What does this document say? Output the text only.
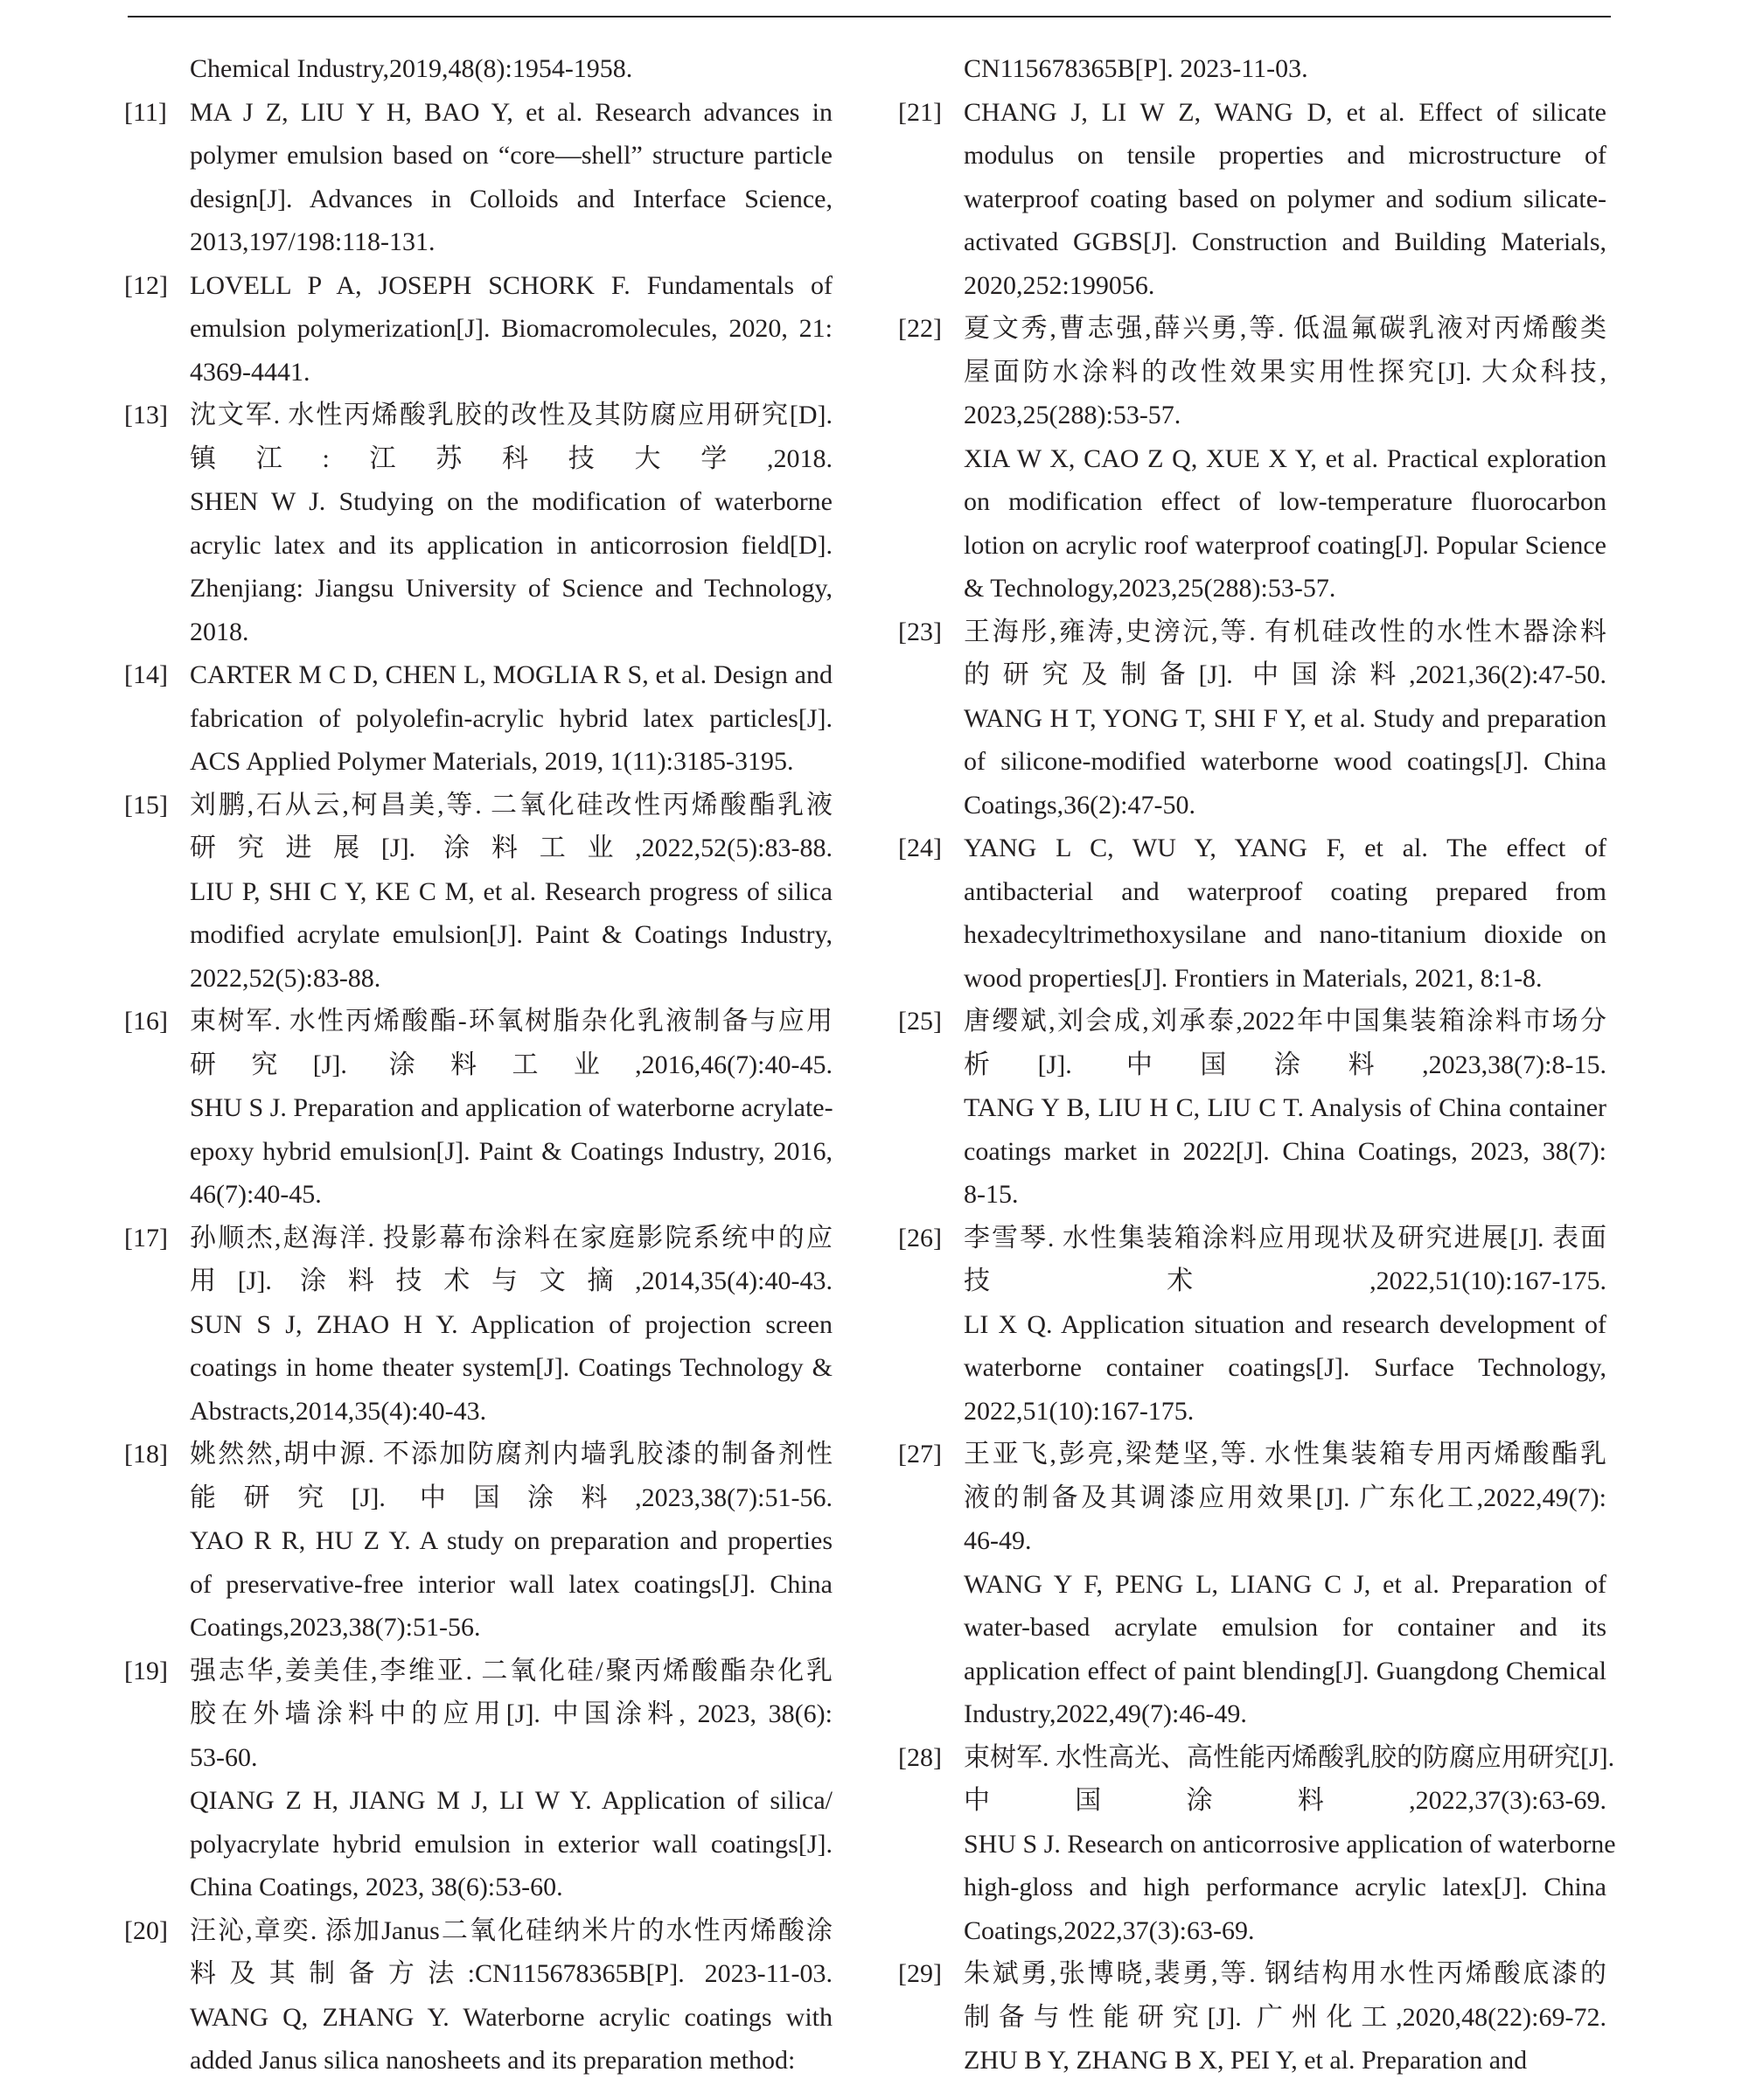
Chemical Industry,2019,48(8):1954-1958.
[11] MA J Z, LIU Y H, BAO Y, et al. Research advances in
polymer emulsion based on “core—shell” structure particle
design[J]. Advances in Colloids and Interface Science,
2013,197/198:118-131.
[12] LOVELL P A, JOSEPH SCHORK F. Fundamentals of
emulsion polymerization[J]. Biomacromolecules, 2020, 21:
4369-4441.
[13] 沈文军. 水性丙烯酸乳胶的改性及其防腐应用研究[D].
镇江:江苏科技大学,2018.
SHEN W J. Studying on the modification of waterborne
acrylic latex and its application in anticorrosion field[D].
Zhenjiang: Jiangsu University of Science and Technology,
2018.
[14] CARTER M C D, CHEN L, MOGLIA R S, et al. Design and
fabrication of polyolefin-acrylic hybrid latex particles[J].
ACS Applied Polymer Materials, 2019, 1(11):3185-3195.
[15] 刘鹏,石从云,柯昌美,等. 二氧化硅改性丙烯酸酯乳液
研究进展[J]. 涂料工业,2022,52(5):83-88.
LIU P, SHI C Y, KE C M, et al. Research progress of silica
modified acrylate emulsion[J]. Paint & Coatings Industry,
2022,52(5):83-88.
[16] 束树军. 水性丙烯酸酯-环氧树脂杂化乳液制备与应用
研究[J]. 涂料工业,2016,46(7):40-45.
SHU S J. Preparation and application of waterborne acrylate-
epoxy hybrid emulsion[J]. Paint & Coatings Industry, 2016,
46(7):40-45.
[17] 孙顺杰,赵海洋. 投影幕布涂料在家庭影院系统中的应
用[J]. 涂料技术与文摘,2014,35(4):40-43.
SUN S J, ZHAO H Y. Application of projection screen
coatings in home theater system[J]. Coatings Technology &
Abstracts,2014,35(4):40-43.
[18] 姚然然,胡中源. 不添加防腐剂内墙乳胶漆的制备剂性
能研究[J]. 中国涂料,2023,38(7):51-56.
YAO R R, HU Z Y. A study on preparation and properties
of preservative-free interior wall latex coatings[J]. China
Coatings,2023,38(7):51-56.
[19] 强志华,姜美佳,李维亚. 二氧化硅/聚丙烯酸酯杂化乳
胶在外墙涂料中的应用[J]. 中国涂料, 2023, 38(6):
53-60.
QIANG Z H, JIANG M J, LI W Y. Application of silica/
polyacrylate hybrid emulsion in exterior wall coatings[J].
China Coatings, 2023, 38(6):53-60.
[20] 汪沁,章奕. 添加Janus二氧化硅纳米片的水性丙烯酸涂
料及其制备方法:CN115678365B[P]. 2023-11-03.
WANG Q, ZHANG Y. Waterborne acrylic coatings with
added Janus silica nanosheets and its preparation method:
CN115678365B[P]. 2023-11-03.
[21] CHANG J, LI W Z, WANG D, et al. Effect of silicate
modulus on tensile properties and microstructure of
waterproof coating based on polymer and sodium silicate-
activated GGBS[J]. Construction and Building Materials,
2020,252:199056.
[22] 夏文秀,曹志强,薛兴勇,等. 低温氟碳乳液对丙烯酸类
屋面防水涂料的改性效果实用性探究[J]. 大众科技,
2023,25(288):53-57.
XIA W X, CAO Z Q, XUE X Y, et al. Practical exploration
on modification effect of low-temperature fluorocarbon
lotion on acrylic roof waterproof coating[J]. Popular Science
& Technology,2023,25(288):53-57.
[23] 王海彤,雍涛,史滂沅,等. 有机硅改性的水性木器涂料
的研究及制备[J]. 中国涂料,2021,36(2):47-50.
WANG H T, YONG T, SHI F Y, et al. Study and preparation
of silicone-modified waterborne wood coatings[J]. China
Coatings,36(2):47-50.
[24] YANG L C, WU Y, YANG F, et al. The effect of
antibacterial and waterproof coating prepared from
hexadecyltrimethoxysilane and nano-titanium dioxide on
wood properties[J]. Frontiers in Materials, 2021, 8:1-8.
[25] 唐缨斌,刘会成,刘承泰,2022年中国集装箱涂料市场分
析[J]. 中国涂料,2023,38(7):8-15.
TANG Y B, LIU H C, LIU C T. Analysis of China container
coatings market in 2022[J]. China Coatings, 2023, 38(7):
8-15.
[26] 李雪琴. 水性集装箱涂料应用现状及研究进展[J]. 表面
技术,2022,51(10):167-175.
LI X Q. Application situation and research development of
waterborne container coatings[J]. Surface Technology,
2022,51(10):167-175.
[27] 王亚飞,彭亮,梁楚坚,等. 水性集装箱专用丙烯酸酯乳
液的制备及其调漆应用效果[J]. 广东化工,2022,49(7):
46-49.
WANG Y F, PENG L, LIANG C J, et al. Preparation of
water-based acrylate emulsion for container and its
application effect of paint blending[J]. Guangdong Chemical
Industry,2022,49(7):46-49.
[28] 束树军. 水性高光、高性能丙烯酸乳胶的防腐应用研究[J].
中国涂料,2022,37(3):63-69.
SHU S J. Research on anticorrosive application of waterborne
high-gloss and high performance acrylic latex[J]. China
Coatings,2022,37(3):63-69.
[29] 朱斌勇,张博晓,裴勇,等. 钢结构用水性丙烯酸底漆的
制备与性能研究[J]. 广州化工,2020,48(22):69-72.
ZHU B Y, ZHANG B X, PEI Y, et al. Preparation and
